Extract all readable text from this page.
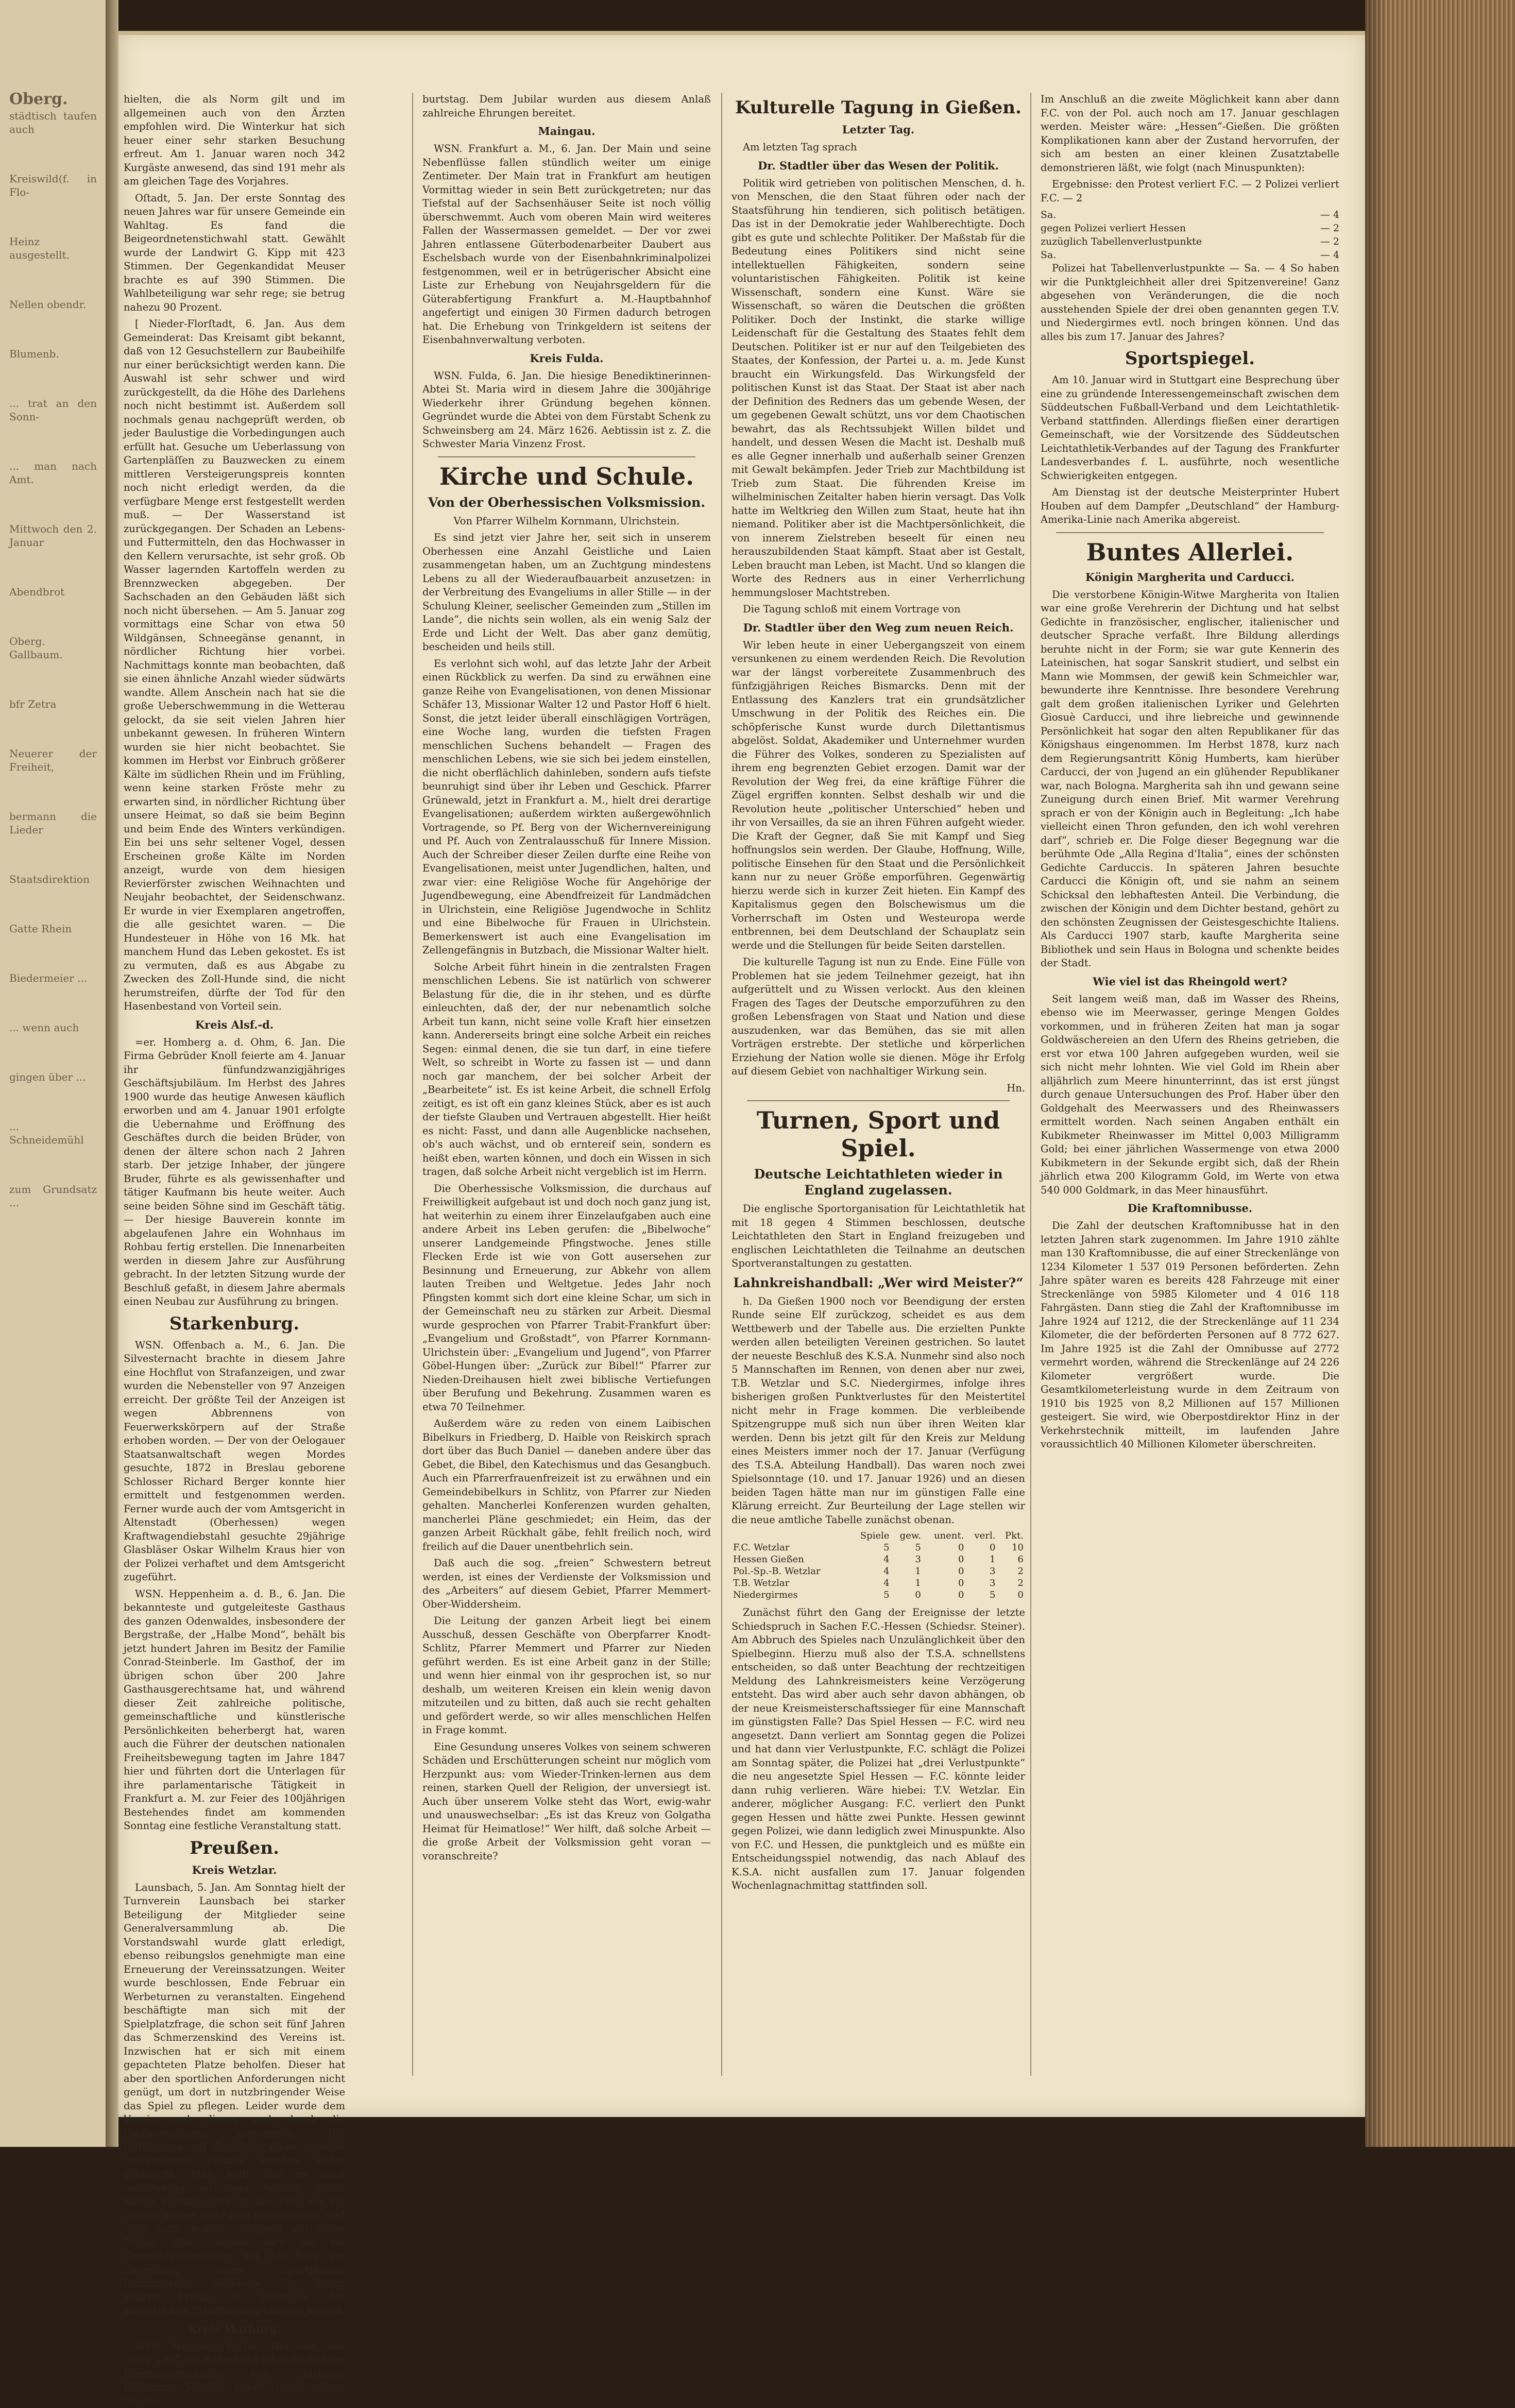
Oberg.
städtisch taufen auch
Kreiswild(f. in Flo-
Heinz ausgestellt.
Nellen obendr.
Blumenb.
... trat an den Sonn-
... man nach Amt.
Mittwoch den 2. Januar
Abendbrot
Oberg. Gallbaum.
bfr Zetra
Neuerer der Freiheit,
bermann die Lieder
Staatsdirektion
Gatte Rhein
Biedermeier ...
... wenn auch
gingen über ...
... Schneidemühl
zum Grundsatz ...

hielten, die als Norm gilt und im allgemeinen auch von den Ärzten empfohlen wird. Die Winterkur hat sich heuer einer sehr starken Besuchung erfreut. Am 1. Januar waren noch 342 Kurgäste anwesend, das sind 191 mehr als am gleichen Tage des Vorjahres.

Oſtadt, 5. Jan. Der erste Sonntag des neuen Jahres war für unsere Gemeinde ein Wahltag. Es fand die Beigeordnetenstichwahl statt. Gewählt wurde der Landwirt G. Kipp mit 423 Stimmen. Der Gegenkandidat Meuser brachte es auf 390 Stimmen. Die Wahlbeteiligung war sehr rege; sie betrug nahezu 90 Prozent.

[ Nieder-Florſtadt, 6. Jan. Aus dem Gemeinderat: Das Kreisamt gibt bekannt, daß von 12 Gesuchstellern zur Baubeihilfe nur einer berücksichtigt werden kann. Die Auswahl ist sehr schwer und wird zurückgestellt, da die Höhe des Darlehens noch nicht bestimmt ist. Außerdem soll nochmals genau nachgeprüft werden, ob jeder Baulustige die Vorbedingungen auch erfüllt hat. Gesuche um Ueberlassung von Gartenpläſſen zu Bauzwecken zu einem mittleren Versteigerungspreis konnten noch nicht erledigt werden, da die verfügbare Menge erst festgestellt werden muß. — Der Wasserstand ist zurückgegangen. Der Schaden an Lebens- und Futtermitteln, den das Hochwasser in den Kellern verursachte, ist sehr groß. Ob Wasser lagernden Kartoffeln werden zu Brennzwecken abgegeben. Der Sachschaden an den Gebäuden läßt sich noch nicht übersehen. — Am 5. Januar zog vormittags eine Schar von etwa 50 Wildgänsen, Schneegänse genannt, in nördlicher Richtung hier vorbei. Nachmittags konnte man beobachten, daß sie einen ähnliche Anzahl wieder südwärts wandte. Allem Anschein nach hat sie die große Ueberschwemmung in die Wetterau gelockt, da sie seit vielen Jahren hier unbekannt gewesen. In früheren Wintern wurden sie hier nicht beobachtet. Sie kommen im Herbst vor Einbruch größerer Kälte im südlichen Rhein und im Frühling, wenn keine starken Fröste mehr zu erwarten sind, in nördlicher Richtung über unsere Heimat, so daß sie beim Beginn und beim Ende des Winters verkündigen. Ein bei uns sehr seltener Vogel, dessen Erscheinen große Kälte im Norden anzeigt, wurde von dem hiesigen Revierförster zwischen Weihnachten und Neujahr beobachtet, der Seidenschwanz. Er wurde in vier Exemplaren angetroffen, die alle gesichtet waren. — Die Hundesteuer in Höhe von 16 Mk. hat manchem Hund das Leben gekostet. Es ist zu vermuten, daß es aus Abgabe zu Zwecken des Zoll-Hunde sind, die nicht herumstreifen, dürfte der Tod für den Hasenbestand von Vorteil sein.

Kreis Alsf.-d.

=er. Homberg a. d. Ohm, 6. Jan. Die Firma Gebrüder Knoll feierte am 4. Januar ihr fünfundzwanzigjähriges Geschäftsjubiläum. Im Herbst des Jahres 1900 wurde das heutige Anwesen käuflich erworben und am 4. Januar 1901 erfolgte die Uebernahme und Eröffnung des Geschäftes durch die beiden Brüder, von denen der ältere schon nach 2 Jahren starb. Der jetzige Inhaber, der jüngere Bruder, führte es als gewissenhafter und tätiger Kaufmann bis heute weiter. Auch seine beiden Söhne sind im Geschäft tätig. — Der hiesige Bauverein konnte im abgelaufenen Jahre ein Wohnhaus im Rohbau fertig erstellen. Die Innenarbeiten werden in diesem Jahre zur Ausführung gebracht. In der letzten Sitzung wurde der Beschluß gefaßt, in diesem Jahre abermals einen Neubau zur Ausführung zu bringen.

Starkenburg.

WSN. Offenbach a. M., 6. Jan. Die Silvesternacht brachte in diesem Jahre eine Hochflut von Strafanzeigen, und zwar wurden die Nebensteller von 97 Anzeigen erreicht. Der größte Teil der Anzeigen ist wegen Abbrennens von Feuerwerkskörpern auf der Straße erhoben worden. — Der von der Oelogauer Staatsanwaltschaft wegen Mordes gesuchte, 1872 in Breslau geborene Schlosser Richard Berger konnte hier ermittelt und festgenommen werden. Ferner wurde auch der vom Amtsgericht in Altenstadt (Oberhessen) wegen Kraftwagendiebstahl gesuchte 29jährige Glasbläser Oskar Wilhelm Kraus hier von der Polizei verhaftet und dem Amtsgericht zugeführt.

WSN. Heppenheim a. d. B., 6. Jan. Die bekannteste und gutgeleiteste Gasthaus des ganzen Odenwaldes, insbesondere der Bergstraße, der „Halbe Mond“, behält bis jetzt hundert Jahren im Besitz der Familie Conrad-Steinberle. Im Gasthof, der im übrigen schon über 200 Jahre Gasthausgerechtsame hat, und während dieser Zeit zahlreiche politische, gemeinschaftliche und künstlerische Persönlichkeiten beherbergt hat, waren auch die Führer der deutschen nationalen Freiheitsbewegung tagten im Jahre 1847 hier und führten dort die Unterlagen für ihre parlamentarische Tätigkeit in Frankfurt a. M. zur Feier des 100jährigen Bestehendes findet am kommenden Sonntag eine festliche Veranstaltung statt.

Preußen.
Kreis Wetzlar.

Launsbach, 5. Jan. Am Sonntag hielt der Turnverein Launsbach bei starker Beteiligung der Mitglieder seine Generalversammlung ab. Die Vorstandswahl wurde glatt erledigt, ebenso reibungslos genehmigte man eine Erneuerung der Vereinssatzungen. Weiter wurde beschlossen, Ende Februar ein Werbeturnen zu veranstalten. Eingehend beschäftigte man sich mit der Spielplatzfrage, die schon seit fünf Jahren das Schmerzenskind des Vereins ist. Inzwischen hat er sich mit einem gepachteten Platze beholfen. Dieser hat aber den sportlichen Anforderungen nicht genügt, um dort in nutzbringender Weise das Spiel zu pflegen. Leider wurde dem Verein auch dieses noch durch die Feldbereinigung genommen. Die Hoffnungen auf Zuteilung eines anderen geeigneteren Platzes wurden leider getäuscht. Man hofft daß es auch anderweitig auf einen Ausweg dieser Sache kommt. Jetzt ist die Zeit, wo die Jugend immer mehr zum Sport drängt, und man hofft deshalb dringend auf einen Erfolg. Man wendet sich an die Gemeindeverwaltung mit der Bitte um Zuweisung eines Sportplatzes heranzutreten. Hoffentlich hat dieser Schritt Erfolg, im Interesse der körperlichen Ertüchtigung unserer Jugend.

Kreis Marburg.

WSN. Marburg, 6. Jan. Der seit dem Jahre 1907 im Ruhestand lebende frühere Oberbürgermeister von Marburg, Geheimrat Schüler, feierte heute seinen 90. Ge-

burtstag. Dem Jubilar wurden aus diesem Anlaß zahlreiche Ehrungen bereitet.

Maingau.

WSN. Frankfurt a. M., 6. Jan. Der Main und seine Nebenflüsse fallen stündlich weiter um einige Zentimeter. Der Main trat in Frankfurt am heutigen Vormittag wieder in sein Bett zurückgetreten; nur das Tiefstal auf der Sachsenhäuser Seite ist noch völlig überschwemmt. Auch vom oberen Main wird weiteres Fallen der Wassermassen gemeldet. — Der vor zwei Jahren entlassene Güterbodenarbeiter Daubert aus Eschelsbach wurde von der Eisenbahnkriminalpolizei festgenommen, weil er in betrügerischer Absicht eine Liste zur Erhebung von Neujahrsgeldern für die Güterabfertigung Frankfurt a. M.-Hauptbahnhof angefertigt und einigen 30 Firmen dadurch betrogen hat. Die Erhebung von Trinkgeldern ist seitens der Eisenbahnverwaltung verboten.

Kreis Fulda.

WSN. Fulda, 6. Jan. Die hiesige Benediktinerinnen-Abtei St. Maria wird in diesem Jahre die 300jährige Wiederkehr ihrer Gründung begehen können. Gegründet wurde die Abtei von dem Fürstabt Schenk zu Schweinsberg am 24. März 1626. Aebtissin ist z. Z. die Schwester Maria Vinzenz Frost.

Kirche und Schule.
Von der Oberhessischen Volksmission.

Von Pfarrer Wilhelm Kornmann, Ulrichstein.

Es sind jetzt vier Jahre her, seit sich in unserem Oberhessen eine Anzahl Geistliche und Laien zusammengetan haben, um an Zuchtgung mindestens Lebens zu all der Wiederaufbauarbeit anzusetzen: in der Verbreitung des Evangeliums in aller Stille — in der Schulung Kleiner, seelischer Gemeinden zum „Stillen im Lande“, die nichts sein wollen, als ein wenig Salz der Erde und Licht der Welt. Das aber ganz demütig, bescheiden und heils still.

Es verlohnt sich wohl, auf das letzte Jahr der Arbeit einen Rückblick zu werfen. Da sind zu erwähnen eine ganze Reihe von Evangelisationen, von denen Missionar Schäfer 13, Missionar Walter 12 und Pastor Hoff 6 hielt. Sonst, die jetzt leider überall einschlägigen Vorträgen, eine Woche lang, wurden die tiefsten Fragen menschlichen Suchens behandelt — Fragen des menschlichen Lebens, wie sie sich bei jedem einstellen, die nicht oberflächlich dahinleben, sondern aufs tiefste beunruhigt sind über ihr Leben und Geschick. Pfarrer Grünewald, jetzt in Frankfurt a. M., hielt drei derartige Evangelisationen; außerdem wirkten außergewöhnlich Vortragende, so Pf. Berg von der Wichernvereinigung und Pf. Auch von Zentralausschuß für Innere Mission. Auch der Schreiber dieser Zeilen durfte eine Reihe von Evangelisationen, meist unter Jugendlichen, halten, und zwar vier: eine Religiöse Woche für Angehörige der Jugendbewegung, eine Abendfreizeit für Landmädchen in Ulrichstein, eine Religiöse Jugendwoche in Schlitz und eine Bibelwoche für Frauen in Ulrichstein. Bemerkenswert ist auch eine Evangelisation im Zellengefängnis in Butzbach, die Missionar Walter hielt.

Solche Arbeit führt hinein in die zentralsten Fragen menschlichen Lebens. Sie ist natürlich von schwerer Belastung für die, die in ihr stehen, und es dürfte einleuchten, daß der, der nur nebenamtlich solche Arbeit tun kann, nicht seine volle Kraft hier einsetzen kann. Andererseits bringt eine solche Arbeit ein reiches Segen: einmal denen, die sie tun darf, in eine tiefere Welt, so schreibt in Worte zu fassen ist — und dann noch gar manchem, der bei solcher Arbeit der „Bearbeitete“ ist. Es ist keine Arbeit, die schnell Erfolg zeitigt, es ist oft ein ganz kleines Stück, aber es ist auch der tiefste Glauben und Vertrauen abgestellt. Hier heißt es nicht: Fasst, und dann alle Augenblicke nachsehen, ob's auch wächst, und ob erntereif sein, sondern es heißt eben, warten können, und doch ein Wissen in sich tragen, daß solche Arbeit nicht vergeblich ist im Herrn.

Die Oberhessische Volksmission, die durchaus auf Freiwilligkeit aufgebaut ist und doch noch ganz jung ist, hat weiterhin zu einem ihrer Einzelaufgaben auch eine andere Arbeit ins Leben gerufen: die „Bibelwoche“ unserer Landgemeinde Pfingstwoche. Jenes stille Flecken Erde ist wie von Gott ausersehen zur Besinnung und Erneuerung, zur Abkehr von allem lauten Treiben und Weltgetue. Jedes Jahr noch Pfingsten kommt sich dort eine kleine Schar, um sich in der Gemeinschaft neu zu stärken zur Arbeit. Diesmal wurde gesprochen von Pfarrer Trabit-Frankfurt über: „Evangelium und Großstadt“, von Pfarrer Kornmann-Ulrichstein über: „Evangelium und Jugend“, von Pfarrer Göbel-Hungen über: „Zurück zur Bibel!“ Pfarrer zur Nieden-Dreihausen hielt zwei biblische Vertiefungen über Berufung und Bekehrung. Zusammen waren es etwa 70 Teilnehmer.

Außerdem wäre zu reden von einem Laibischen Bibelkurs in Friedberg, D. Haible von Reiskirch sprach dort über das Buch Daniel — daneben andere über das Gebet, die Bibel, den Katechismus und das Gesangbuch. Auch ein Pfarrerfrauenfreizeit ist zu erwähnen und ein Gemeindebibelkurs in Schlitz, von Pfarrer zur Nieden gehalten. Mancherlei Konferenzen wurden gehalten, mancherlei Pläne geschmiedet; ein Heim, das der ganzen Arbeit Rückhalt gäbe, fehlt freilich noch, wird freilich auf die Dauer unentbehrlich sein.

Daß auch die sog. „freien“ Schwestern betreut werden, ist eines der Verdienste der Volksmission und des „Arbeiters“ auf diesem Gebiet, Pfarrer Memmert-Ober-Widdersheim.

Die Leitung der ganzen Arbeit liegt bei einem Ausschuß, dessen Geschäfte von Oberpfarrer Knodt-Schlitz, Pfarrer Memmert und Pfarrer zur Nieden geführt werden. Es ist eine Arbeit ganz in der Stille; und wenn hier einmal von ihr gesprochen ist, so nur deshalb, um weiteren Kreisen ein klein wenig davon mitzuteilen und zu bitten, daß auch sie recht gehalten und gefördert werde, so wir alles menschlichen Helfen in Frage kommt.

Eine Gesundung unseres Volkes von seinem schweren Schäden und Erschütterungen scheint nur möglich vom Herzpunkt aus: vom Wieder-Trinken-lernen aus dem reinen, starken Quell der Religion, der unversiegt ist. Auch über unserem Volke steht das Wort, ewig-wahr und unauswechselbar: „Es ist das Kreuz von Golgatha Heimat für Heimatlose!“ Wer hilft, daß solche Arbeit — die große Arbeit der Volksmission geht voran — voranschreite?

Kulturelle Tagung in Gießen.
Letzter Tag.

Am letzten Tag sprach

Dr. Stadtler über das Wesen der Politik.

Politik wird getrieben von politischen Menschen, d. h. von Menschen, die den Staat führen oder nach der Staatsführung hin tendieren, sich politisch betätigen. Das ist in der Demokratie jeder Wahlberechtigte. Doch gibt es gute und schlechte Politiker. Der Maßstab für die Bedeutung eines Politikers sind nicht seine intellektuellen Fähigkeiten, sondern seine voluntaristischen Fähigkeiten. Politik ist keine Wissenschaft, sondern eine Kunst. Wäre sie Wissenschaft, so wären die Deutschen die größten Politiker. Doch der Instinkt, die starke willige Leidenschaft für die Gestaltung des Staates fehlt dem Deutschen. Politiker ist er nur auf den Teilgebieten des Staates, der Konfession, der Partei u. a. m. Jede Kunst braucht ein Wirkungsfeld. Das Wirkungsfeld der politischen Kunst ist das Staat. Der Staat ist aber nach der Definition des Redners das um gebende Wesen, der um gegebenen Gewalt schützt, uns vor dem Chaotischen bewahrt, das als Rechtssubjekt Willen bildet und handelt, und dessen Wesen die Macht ist. Deshalb muß es alle Gegner innerhalb und außerhalb seiner Grenzen mit Gewalt bekämpfen. Jeder Trieb zur Machtbildung ist Trieb zum Staat. Die führenden Kreise im wilhelminischen Zeitalter haben hierin versagt. Das Volk hatte im Weltkrieg den Willen zum Staat, heute hat ihn niemand. Politiker aber ist die Machtpersönlichkeit, die von innerem Zielstreben beseelt für einen neu herauszubildenden Staat kämpft. Staat aber ist Gestalt, Leben braucht man Leben, ist Macht. Und so klangen die Worte des Redners aus in einer Verherrlichung hemmungsloser Machtstreben.

Die Tagung schloß mit einem Vortrage von

Dr. Stadtler über den Weg zum neuen Reich.

Wir leben heute in einer Uebergangszeit von einem versunkenen zu einem werdenden Reich. Die Revolution war der längst vorbereitete Zusammenbruch des fünfzigjährigen Reiches Bismarcks. Denn mit der Entlassung des Kanzlers trat ein grundsätzlicher Umschwung in der Politik des Reiches ein. Die schöpferische Kunst wurde durch Dilettantismus abgelöst. Soldat, Akademiker und Unternehmer wurden die Führer des Volkes, sonderen zu Spezialisten auf ihrem eng begrenzten Gebiet erzogen. Damit war der Revolution der Weg frei, da eine kräftige Führer die Zügel ergriffen konnten. Selbst deshalb wir und die Revolution heute „politischer Unterschied“ heben und ihr von Versailles, da sie an ihren Führen aufgeht wieder. Die Kraft der Gegner, daß Sie mit Kampf und Sieg hoffnungslos sein werden. Der Glaube, Hoffnung, Wille, politische Einsehen für den Staat und die Persönlichkeit kann nur zu neuer Größe emporführen. Gegenwärtig hierzu werde sich in kurzer Zeit hieten. Ein Kampf des Kapitalismus gegen den Bolschewismus um die Vorherrschaft im Osten und Westeuropa werde entbrennen, bei dem Deutschland der Schauplatz sein werde und die Stellungen für beide Seiten darstellen.

Die kulturelle Tagung ist nun zu Ende. Eine Fülle von Problemen hat sie jedem Teilnehmer gezeigt, hat ihn aufgerüttelt und zu Wissen verlockt. Aus den kleinen Fragen des Tages der Deutsche emporzuführen zu den großen Lebensfragen von Staat und Nation und diese auszudenken, war das Bemühen, das sie mit allen Vorträgen erstrebte. Der stetliche und körperlichen Erziehung der Nation wolle sie dienen. Möge ihr Erfolg auf diesem Gebiet von nachhaltiger Wirkung sein.

Hn.

Turnen, Sport und Spiel.
Deutsche Leichtathleten wieder in England zugelassen.

Die englische Sportorganisation für Leichtathletik hat mit 18 gegen 4 Stimmen beschlossen, deutsche Leichtathleten den Start in England freizugeben und englischen Leichtathleten die Teilnahme an deutschen Sportveranstaltungen zu gestatten.

Lahnkreishandball: „Wer wird Meister?“

h. Da Gießen 1900 noch vor Beendigung der ersten Runde seine Elf zurückzog, scheidet es aus dem Wettbewerb und der Tabelle aus. Die erzielten Punkte werden allen beteiligten Vereinen gestrichen. So lautet der neueste Beschluß des K.S.A. Nunmehr sind also noch 5 Mannschaften im Rennen, von denen aber nur zwei, T.B. Wetzlar und S.C. Niedergirmes, infolge ihres bisherigen großen Punktverlustes für den Meistertitel nicht mehr in Frage kommen. Die verbleibende Spitzengruppe muß sich nun über ihren Weiten klar werden. Denn bis jetzt gilt für den Kreis zur Meldung eines Meisters immer noch der 17. Januar (Verfügung des T.S.A. Abteilung Handball). Das waren noch zwei Spielsonntage (10. und 17. Januar 1926) und an diesen beiden Tagen hätte man nur im günstigen Falle eine Klärung erreicht. Zur Beurteilung der Lage stellen wir die neue amtliche Tabelle zunächst obenan.

	Spiele	gew.	unent.	verl.	Pkt.
F.C. Wetzlar	5	5	0	0	10
Hessen Gießen	4	3	0	1	6
Pol.-Sp.-B. Wetzlar	4	1	0	3	2
T.B. Wetzlar	4	1	0	3	2
Niedergirmes	5	0	0	5	0

Zunächst führt den Gang der Ereignisse der letzte Schiedspruch in Sachen F.C.-Hessen (Schiedsr. Steiner). Am Abbruch des Spieles nach Unzulänglichkeit über den Spielbeginn. Hierzu muß also der T.S.A. schnellstens entscheiden, so daß unter Beachtung der rechtzeitigen Meldung des Lahnkreismeisters keine Verzögerung entsteht. Das wird aber auch sehr davon abhängen, ob der neue Kreismeisterschaftssieger für eine Mannschaft im günstigsten Falle? Das Spiel Hessen — F.C. wird neu angesetzt. Dann verliert am Sonntag gegen die Polizei und hat dann vier Verlustpunkte, F.C. schlägt die Polizei am Sonntag später, die Polizei hat „drei Verlustpunkte“ die neu angesetzte Spiel Hessen — F.C. könnte leider dann ruhig verlieren. Wäre hiebei: T.V. Wetzlar. Ein anderer, möglicher Ausgang: F.C. verliert den Punkt gegen Hessen und hätte zwei Punkte. Hessen gewinnt gegen Polizei, wie dann lediglich zwei Minuspunkte. Also von F.C. und Hessen, die punktgleich und es müßte ein Entscheidungsspiel notwendig, das nach Ablauf des K.S.A. nicht ausfallen zum 17. Januar folgenden Wochenlagnachmittag stattfinden soll.

Im Anschluß an die zweite Möglichkeit kann aber dann F.C. von der Pol. auch noch am 17. Januar geschlagen werden. Meister wäre: „Hessen“-Gießen. Die größten Komplikationen kann aber der Zustand hervorrufen, der sich am besten an einer kleinen Zusatztabelle demonstrieren läßt, wie folgt (nach Minuspunkten):

Ergebnisse: den Protest verliert F.C. — 2 Polizei verliert F.C. — 2

Sa.	— 4
gegen Polizei verliert Hessen	— 2
zuzüglich Tabellenverlustpunkte	— 2
Sa.	— 4

Polizei hat Tabellenverlustpunkte — Sa. — 4 So haben wir die Punktgleichheit aller drei Spitzenvereine! Ganz abgesehen von Veränderungen, die die noch ausstehenden Spiele der drei oben genannten gegen T.V. und Niedergirmes evtl. noch bringen können. Und das alles bis zum 17. Januar des Jahres?

Sportspiegel.

Am 10. Januar wird in Stuttgart eine Besprechung über eine zu gründende Interessengemeinschaft zwischen dem Süddeutschen Fußball-Verband und dem Leichtathletik-Verband stattfinden. Allerdings fließen einer derartigen Gemeinschaft, wie der Vorsitzende des Süddeutschen Leichtathletik-Verbandes auf der Tagung des Frankfurter Landesverbandes f. L. ausführte, noch wesentliche Schwierigkeiten entgegen.

Am Dienstag ist der deutsche Meisterprinter Hubert Houben auf dem Dampfer „Deutschland“ der Hamburg-Amerika-Linie nach Amerika abgereist.

Buntes Allerlei.
Königin Margherita und Carducci.

Die verstorbene Königin-Witwe Margherita von Italien war eine große Verehrerin der Dichtung und hat selbst Gedichte in französischer, englischer, italienischer und deutscher Sprache verfaßt. Ihre Bildung allerdings beruhte nicht in der Form; sie war gute Kennerin des Lateinischen, hat sogar Sanskrit studiert, und selbst ein Mann wie Mommsen, der gewiß kein Schmeichler war, bewunderte ihre Kenntnisse. Ihre besondere Verehrung galt dem großen italienischen Lyriker und Gelehrten Giosuè Carducci, und ihre liebreiche und gewinnende Persönlichkeit hat sogar den alten Republikaner für das Königshaus eingenommen. Im Herbst 1878, kurz nach dem Regierungsantritt König Humberts, kam hierüber Carducci, der von Jugend an ein glühender Republikaner war, nach Bologna. Margherita sah ihn und gewann seine Zuneigung durch einen Brief. Mit warmer Verehrung sprach er von der Königin auch in Begleitung: „Ich habe vielleicht einen Thron gefunden, den ich wohl verehren darf“, schrieb er. Die Folge dieser Begegnung war die berühmte Ode „Alla Regina d'Italia“, eines der schönsten Gedichte Carduccis. In späteren Jahren besuchte Carducci die Königin oft, und sie nahm an seinem Schicksal den lebhaftesten Anteil. Die Verbindung, die zwischen der Königin und dem Dichter bestand, gehört zu den schönsten Zeugnissen der Geistesgeschichte Italiens. Als Carducci 1907 starb, kaufte Margherita seine Bibliothek und sein Haus in Bologna und schenkte beides der Stadt.

Wie viel ist das Rheingold wert?

Seit langem weiß man, daß im Wasser des Rheins, ebenso wie im Meerwasser, geringe Mengen Goldes vorkommen, und in früheren Zeiten hat man ja sogar Goldwäschereien an den Ufern des Rheins getrieben, die erst vor etwa 100 Jahren aufgegeben wurden, weil sie sich nicht mehr lohnten. Wie viel Gold im Rhein aber alljährlich zum Meere hinunterrinnt, das ist erst jüngst durch genaue Untersuchungen des Prof. Haber über den Goldgehalt des Meerwassers und des Rheinwassers ermittelt worden. Nach seinen Angaben enthält ein Kubikmeter Rheinwasser im Mittel 0,003 Milligramm Gold; bei einer jährlichen Wassermenge von etwa 2000 Kubikmetern in der Sekunde ergibt sich, daß der Rhein jährlich etwa 200 Kilogramm Gold, im Werte von etwa 540 000 Goldmark, in das Meer hinausführt.

Die Kraftomnibusse.

Die Zahl der deutschen Kraftomnibusse hat in den letzten Jahren stark zugenommen. Im Jahre 1910 zählte man 130 Kraftomnibusse, die auf einer Streckenlänge von 1234 Kilometer 1 537 019 Personen beförderten. Zehn Jahre später waren es bereits 428 Fahrzeuge mit einer Streckenlänge von 5985 Kilometer und 4 016 118 Fahrgästen. Dann stieg die Zahl der Kraftomnibusse im Jahre 1924 auf 1212, die der Streckenlänge auf 11 234 Kilometer, die der beförderten Personen auf 8 772 627. Im Jahre 1925 ist die Zahl der Omnibusse auf 2772 vermehrt worden, während die Streckenlänge auf 24 226 Kilometer vergrößert wurde. Die Gesamtkilometerleistung wurde in dem Zeitraum von 1910 bis 1925 von 8,2 Millionen auf 157 Millionen gesteigert. Sie wird, wie Oberpostdirektor Hinz in der Verkehrstechnik mitteilt, im laufenden Jahre voraussichtlich 40 Millionen Kilometer überschreiten.
